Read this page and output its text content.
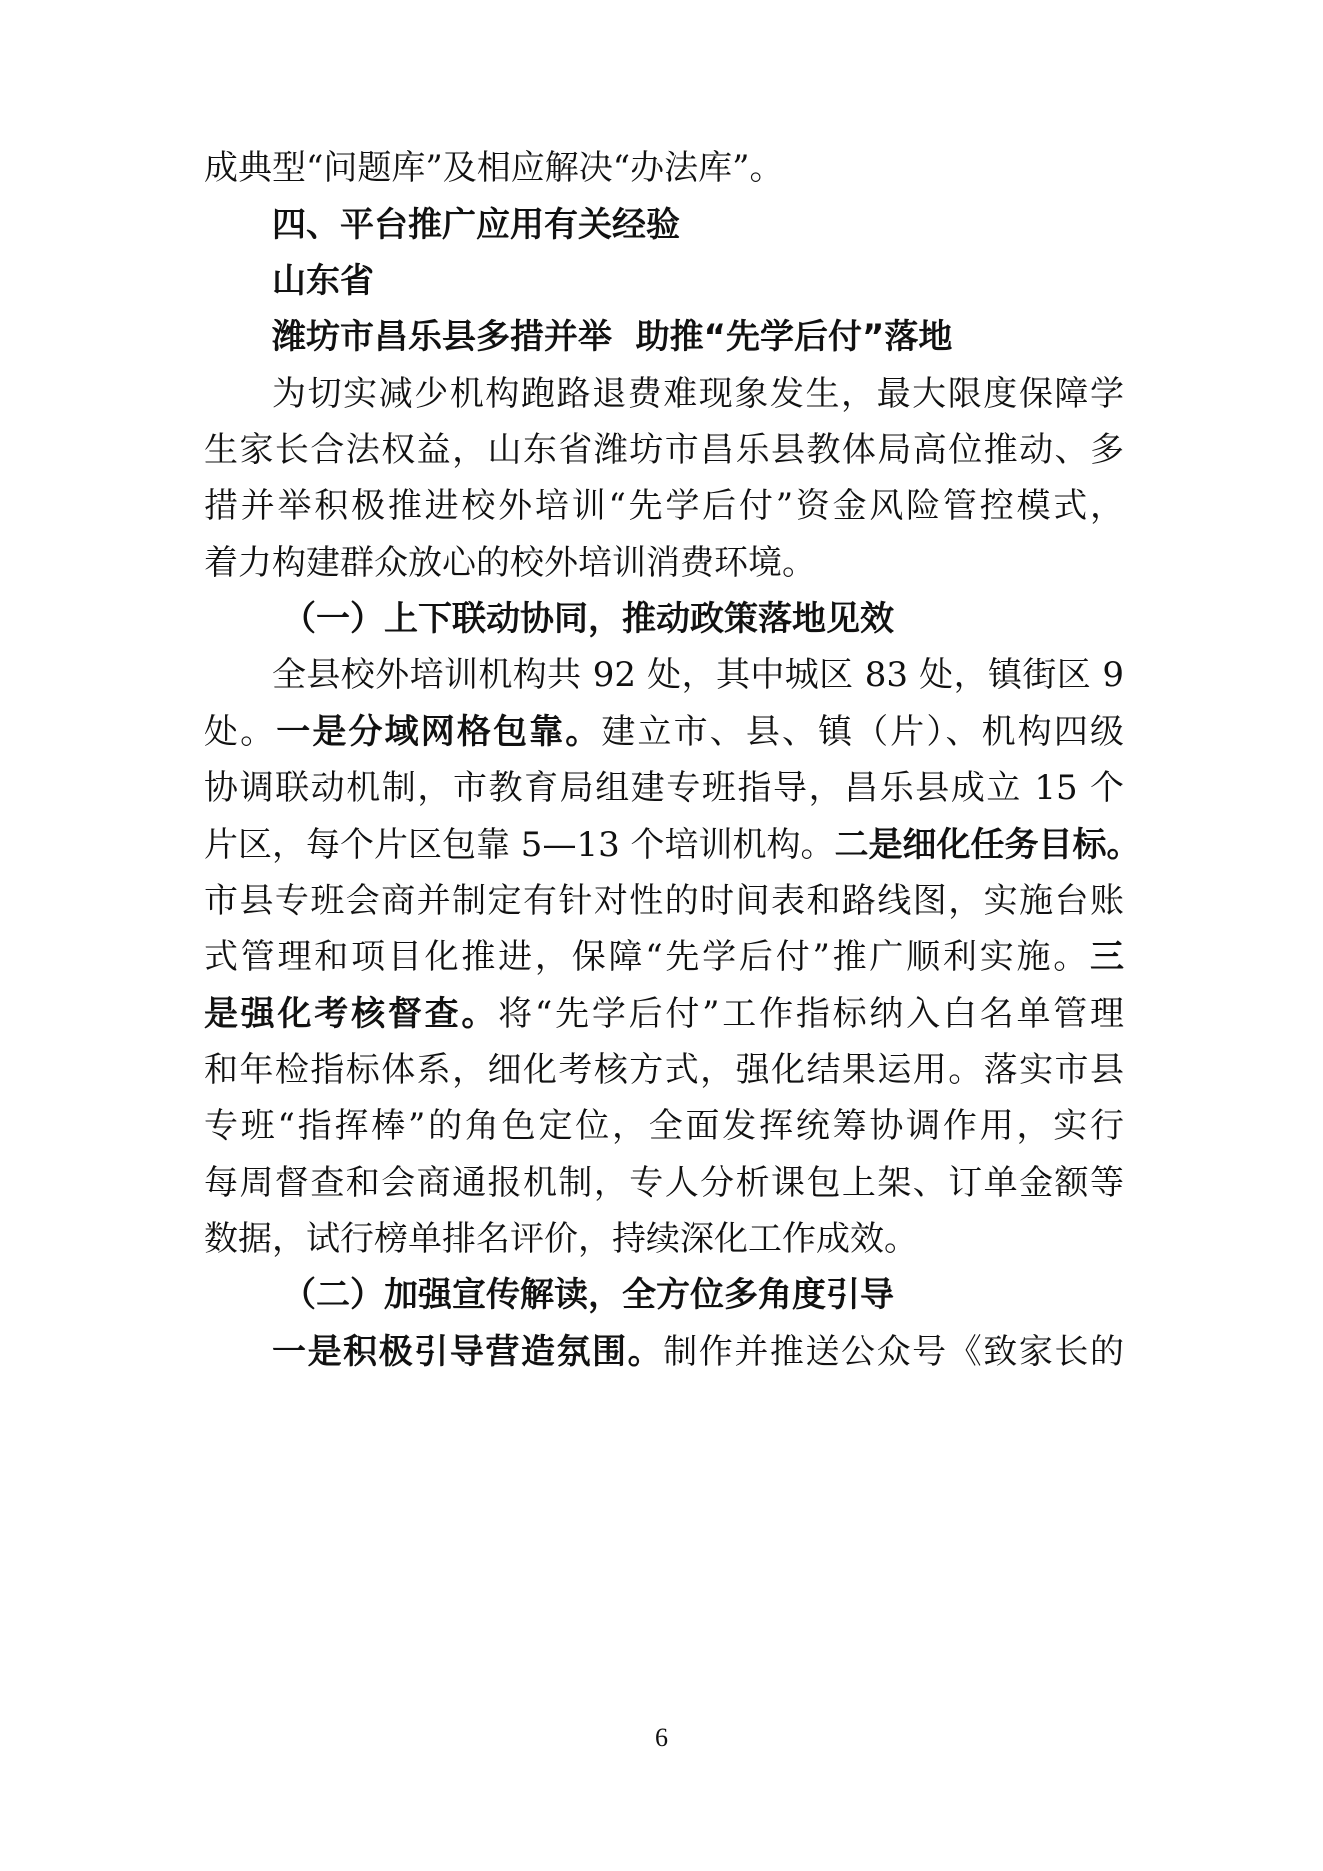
成典型“问题库”及相应解决“办法库”。
四、平台推广应用有关经验
山东省
潍坊市昌乐县多措并举  助推“先学后付”落地
为切实减少机构跑路退费难现象发生，最大限度保障学
生家长合法权益，山东省潍坊市昌乐县教体局高位推动、多
措并举积极推进校外培训“先学后付”资金风险管控模式，
着力构建群众放心的校外培训消费环境。
（一）上下联动协同，推动政策落地见效
全县校外培训机构共 92 处，其中城区 83 处，镇街区 9
处。一是分域网格包靠。建立市、县、镇（片）、机构四级
协调联动机制，市教育局组建专班指导，昌乐县成立 15 个
片区，每个片区包靠 5—13 个培训机构。二是细化任务目标。
市县专班会商并制定有针对性的时间表和路线图，实施台账
式管理和项目化推进，保障“先学后付”推广顺利实施。三
是强化考核督查。将“先学后付”工作指标纳入白名单管理
和年检指标体系，细化考核方式，强化结果运用。落实市县
专班“指挥棒”的角色定位，全面发挥统筹协调作用，实行
每周督查和会商通报机制，专人分析课包上架、订单金额等
数据，试行榜单排名评价，持续深化工作成效。
（二）加强宣传解读，全方位多角度引导
一是积极引导营造氛围。制作并推送公众号《致家长的
6
